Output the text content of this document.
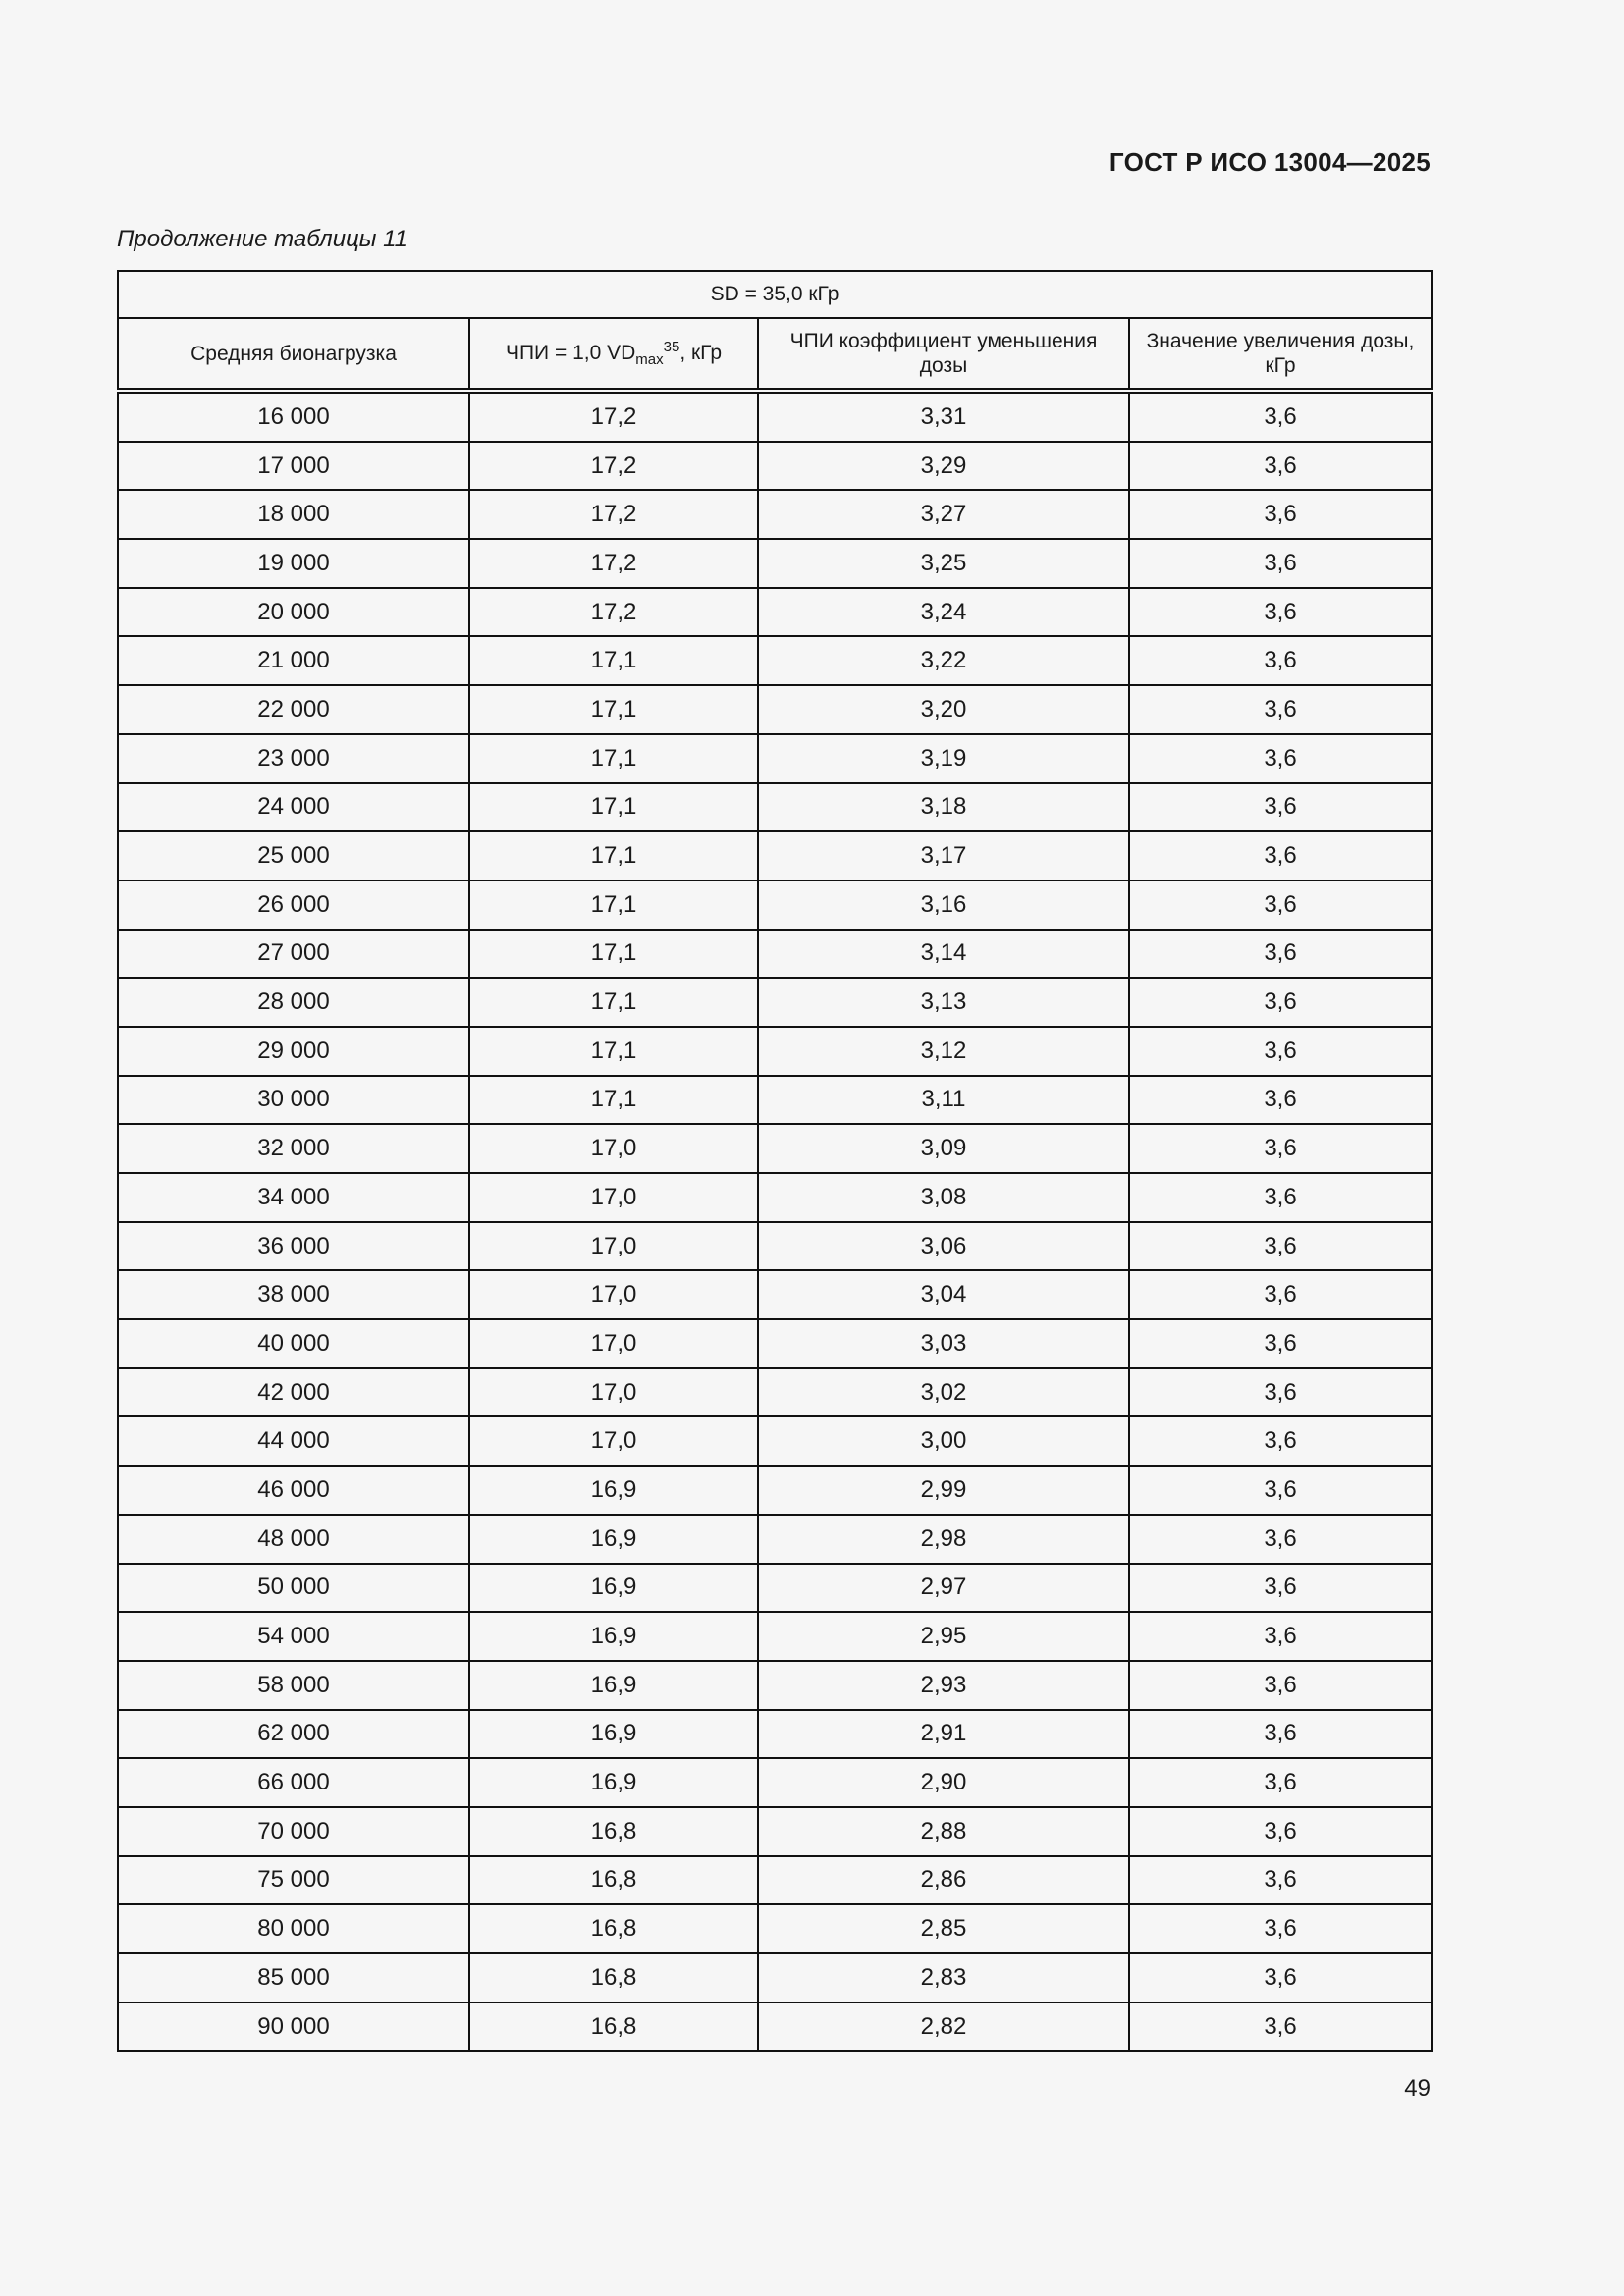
ГОСТ Р ИСО 13004—2025
Продолжение таблицы 11
SD = 35,0 кГр			
Средняя бионагрузка	ЧПИ = 1,0 $VD_{max}^{35}$, кГр	ЧПИ коэффициент уменьшения дозы	Значение увеличения дозы, кГр
16 000	17,2	3,31	3,6
17 000	17,2	3,29	3,6
18 000	17,2	3,27	3,6
19 000	17,2	3,25	3,6
20 000	17,2	3,24	3,6
21 000	17,1	3,22	3,6
22 000	17,1	3,20	3,6
23 000	17,1	3,19	3,6
24 000	17,1	3,18	3,6
25 000	17,1	3,17	3,6
26 000	17,1	3,16	3,6
27 000	17,1	3,14	3,6
28 000	17,1	3,13	3,6
29 000	17,1	3,12	3,6
30 000	17,1	3,11	3,6
32 000	17,0	3,09	3,6
34 000	17,0	3,08	3,6
36 000	17,0	3,06	3,6
38 000	17,0	3,04	3,6
40 000	17,0	3,03	3,6
42 000	17,0	3,02	3,6
44 000	17,0	3,00	3,6
46 000	16,9	2,99	3,6
48 000	16,9	2,98	3,6
50 000	16,9	2,97	3,6
54 000	16,9	2,95	3,6
58 000	16,9	2,93	3,6
62 000	16,9	2,91	3,6
66 000	16,9	2,90	3,6
70 000	16,8	2,88	3,6
75 000	16,8	2,86	3,6
80 000	16,8	2,85	3,6
85 000	16,8	2,83	3,6
90 000	16,8	2,82	3,6
49
